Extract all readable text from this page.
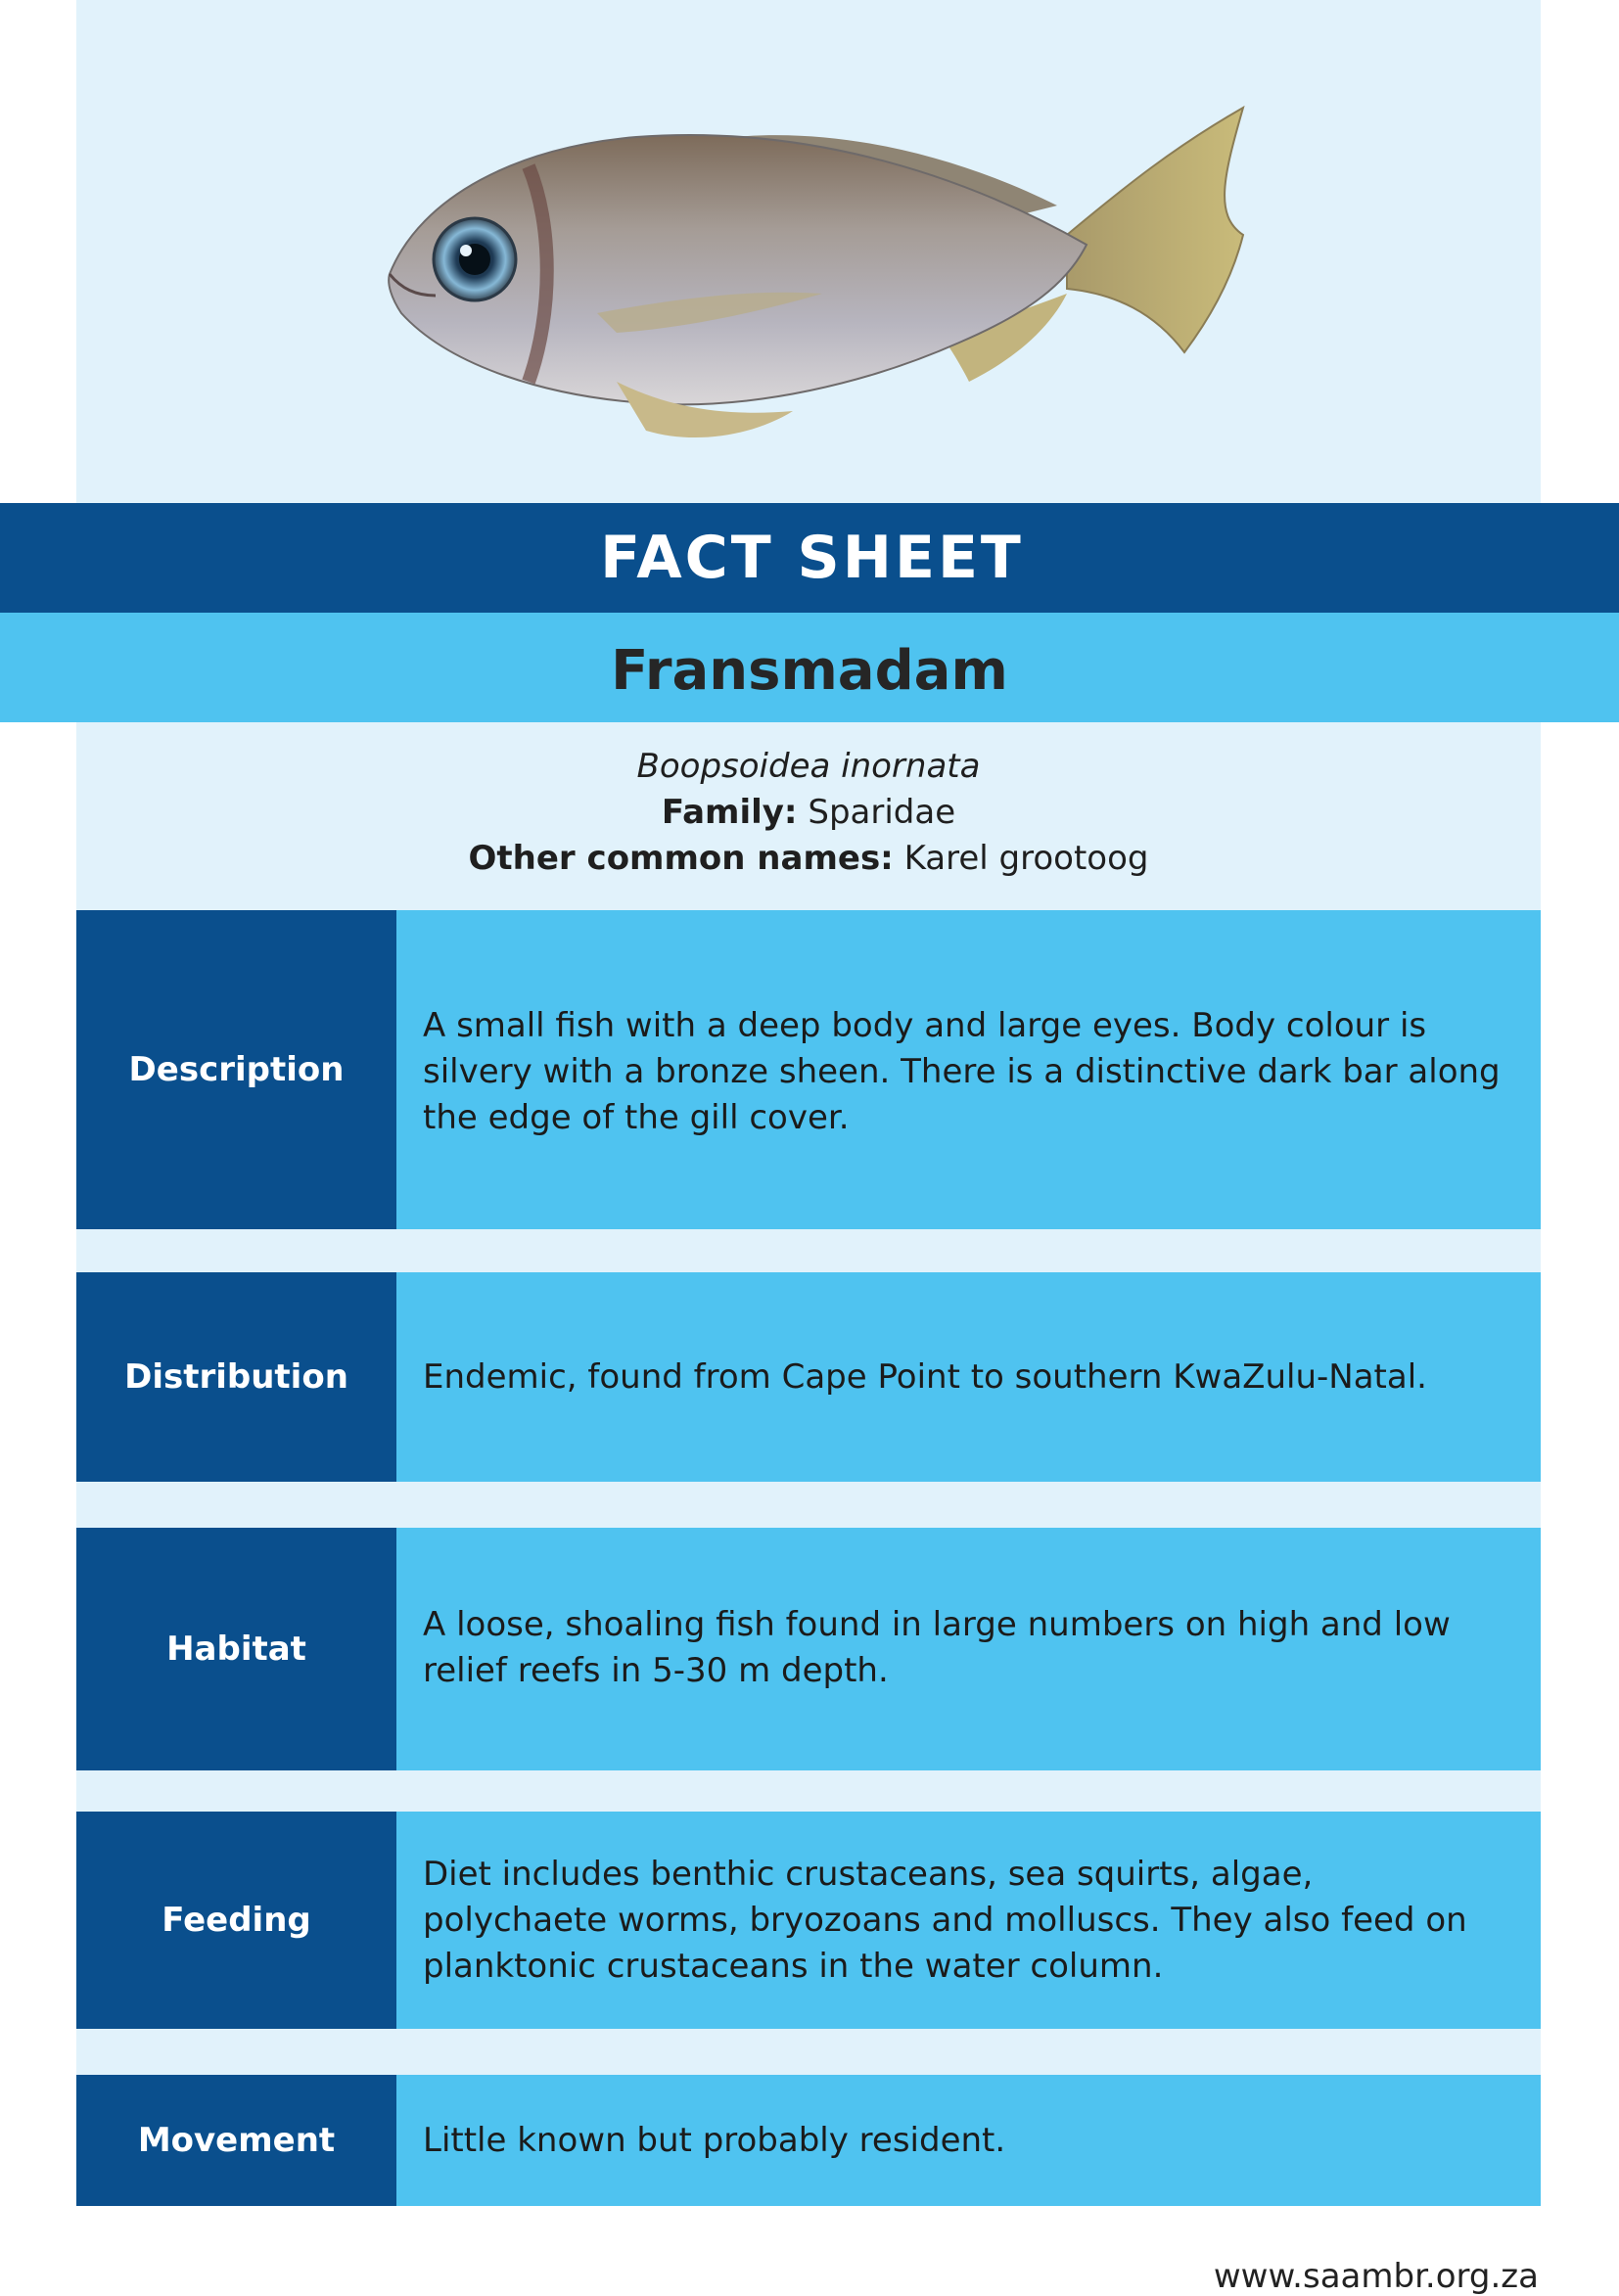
FACT SHEET
Fransmadam
Boopsoidea inornata
Family: Sparidae
Other common names: Karel grootoog
Description
A small fish with a deep body and large eyes. Body colour is silvery with a bronze sheen. There is a distinctive dark bar along the edge of the gill cover.
Distribution	Endemic, found from Cape Point to southern KwaZulu-Natal.
Habitat
A loose, shoaling fish found in large numbers on high and low relief reefs in 5-30 m depth.
Feeding
Diet includes benthic crustaceans, sea squirts, algae, polychaete worms, bryozoans and molluscs. They also feed on planktonic crustaceans in the water column.
Movement	Little known but probably resident.
www.saambr.org.za
